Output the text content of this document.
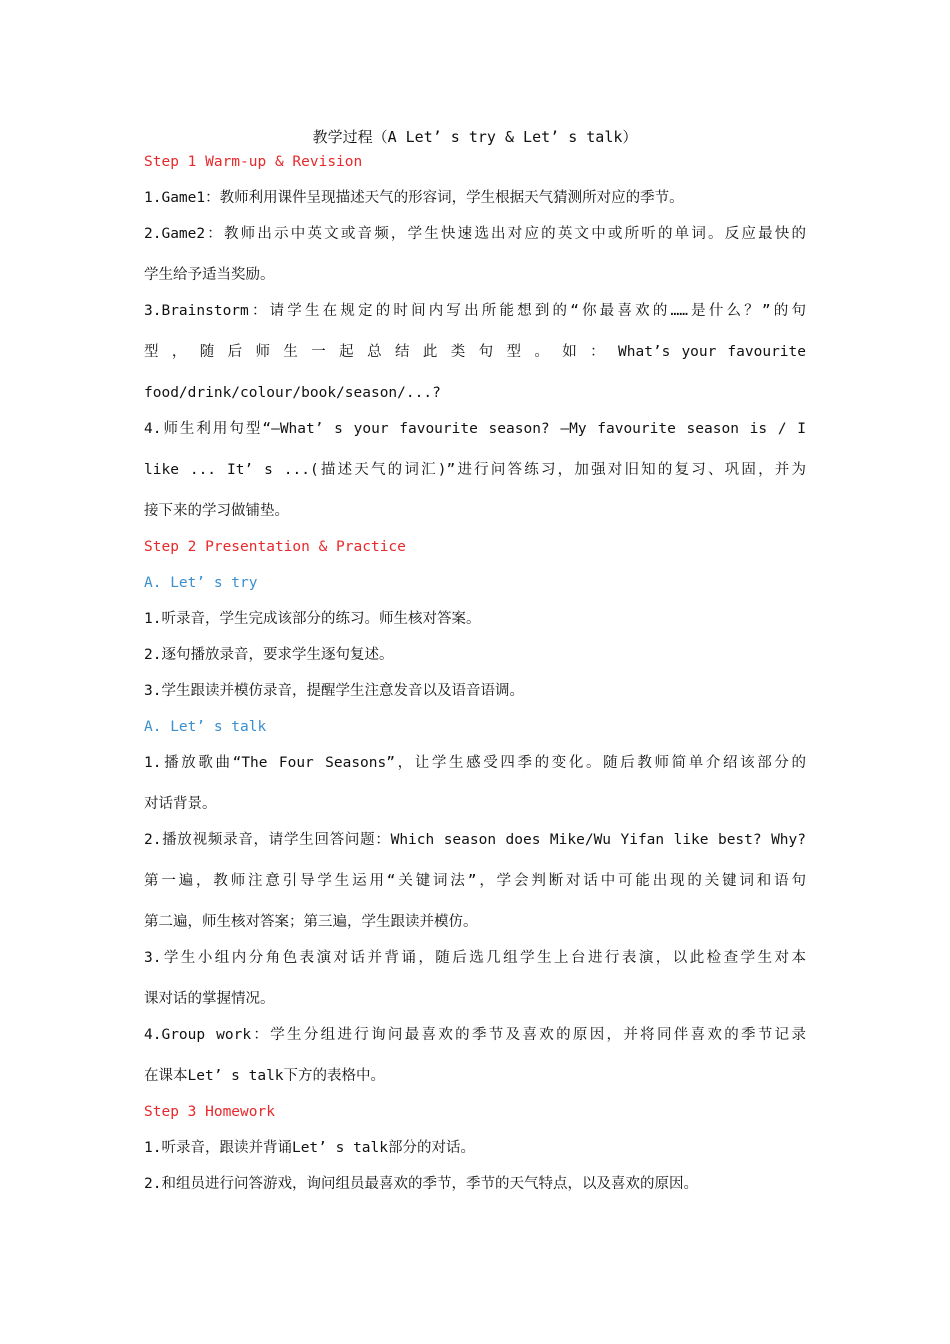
教学过程（A Let’ s try & Let’ s talk）

Step 1 Warm-up & Revision

1.Game1：教师利用课件呈现描述天气的形容词，学生根据天气猜测所对应的季节。

2.Game2：教师出示中英文或音频，学生快速选出对应的英文中或所听的单词。反应最快的

学生给予适当奖励。

3.Brainstorm：请学生在规定的时间内写出所能想到的“你最喜欢的……是什么？”的句

型 ， 随 后 师 生 一 起 总 结 此 类 句 型 。 如 ： What’s your favourite

food/drink/colour/book/season/...?

4.师生利用句型“—What’ s your favourite season? —My favourite season is / I

like ... It’ s ...(描述天气的词汇)”进行问答练习，加强对旧知的复习、巩固，并为

接下来的学习做铺垫。

Step 2 Presentation & Practice

A. Let’ s try

1.听录音，学生完成该部分的练习。师生核对答案。

2.逐句播放录音，要求学生逐句复述。

3.学生跟读并模仿录音，提醒学生注意发音以及语音语调。

A. Let’ s talk

1.播放歌曲“The Four Seasons”，让学生感受四季的变化。随后教师简单介绍该部分的

对话背景。

2.播放视频录音，请学生回答问题：Which season does Mike/Wu Yifan like best? Why?

第一遍，教师注意引导学生运用“关键词法”，学会判断对话中可能出现的关键词和语句

第二遍，师生核对答案；第三遍，学生跟读并模仿。

3.学生小组内分角色表演对话并背诵，随后选几组学生上台进行表演，以此检查学生对本

课对话的掌握情况。

4.Group work：学生分组进行询问最喜欢的季节及喜欢的原因，并将同伴喜欢的季节记录

在课本Let’ s talk下方的表格中。

Step 3 Homework

1.听录音，跟读并背诵Let’ s talk部分的对话。

2.和组员进行问答游戏，询问组员最喜欢的季节，季节的天气特点，以及喜欢的原因。
